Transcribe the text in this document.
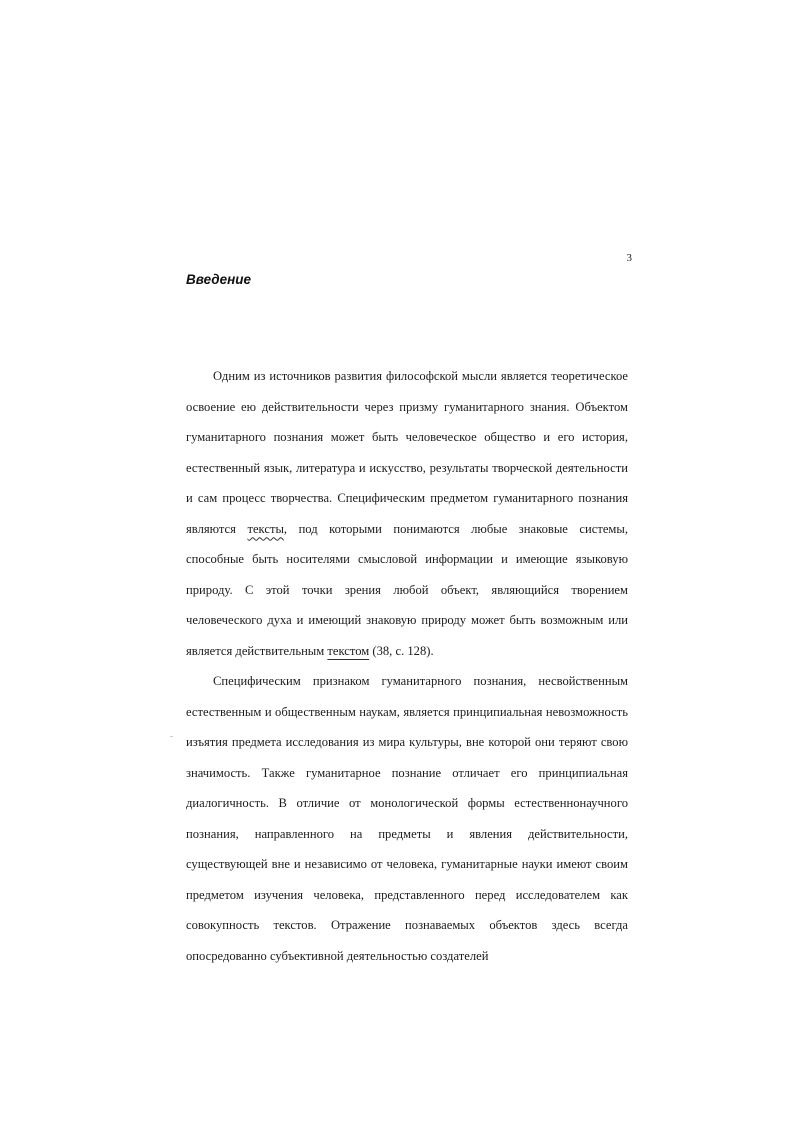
3
Введение

Одним из источников развития философской мысли является теоретическое освоение ею действительности через призму гуманитарного знания. Объектом гуманитарного познания может быть человеческое общество и его история, естественный язык, литература и искусство, результаты творческой деятельности и сам процесс творчества. Специфическим предметом гуманитарного познания являются тексты, под которыми понимаются любые знаковые системы, способные быть носителями смысловой информации и имеющие языковую природу. С этой точки зрения любой объект, являющийся творением человеческого духа и имеющий знаковую природу может быть возможным или является действительным текстом (38, с. 128).

Специфическим признаком гуманитарного познания, несвойственным естественным и общественным наукам, является принципиальная невозможность изъятия предмета исследования из мира культуры, вне которой они теряют свою значимость. Также гуманитарное познание отличает его принципиальная диалогичность. В отличие от монологической формы естественнонаучного познания, направленного на предметы и явления действительности, существующей вне и независимо от человека, гуманитарные науки имеют своим предметом изучения человека, представленного перед исследователем как совокупность текстов. Отражение познаваемых объектов здесь всегда опосредованно субъективной деятельностью создателей
